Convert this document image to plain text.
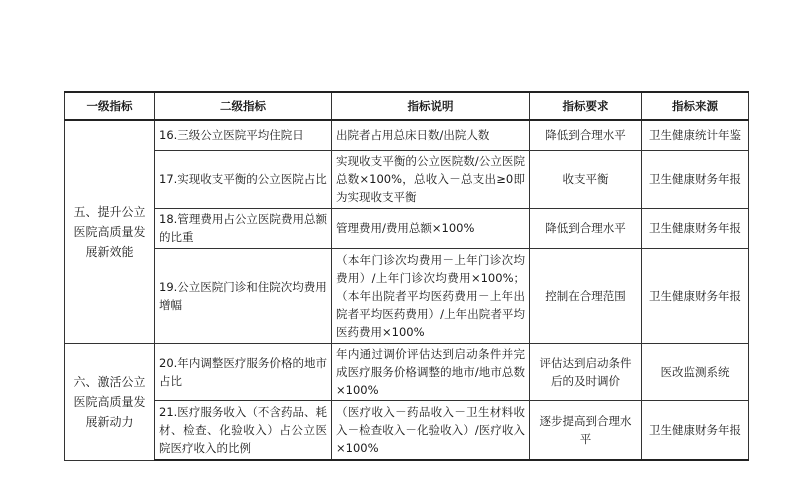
一级指标	二级指标	指标说明	指标要求	指标来源
五、提升公立医院高质量发展新效能	16.三级公立医院平均住院日	出院者占用总床日数/出院人数	降低到合理水平	卫生健康统计年鉴
	17.实现收支平衡的公立医院占比	实现收支平衡的公立医院数/公立医院总数×100%，总收入－总支出≥0即为实现收支平衡	收支平衡	卫生健康财务年报
	18.管理费用占公立医院费用总额的比重	管理费用/费用总额×100%	降低到合理水平	卫生健康财务年报
	19.公立医院门诊和住院次均费用增幅	（本年门诊次均费用－上年门诊次均费用）/上年门诊次均费用×100%；（本年出院者平均医药费用－上年出院者平均医药费用）/上年出院者平均医药费用×100%	控制在合理范围	卫生健康财务年报
六、激活公立医院高质量发展新动力	20.年内调整医疗服务价格的地市占比	年内通过调价评估达到启动条件并完成医疗服务价格调整的地市/地市总数×100%	评估达到启动条件后的及时调价	医改监测系统
	21.医疗服务收入（不含药品、耗材、检查、化验收入）占公立医院医疗收入的比例	（医疗收入－药品收入－卫生材料收入－检查收入－化验收入）/医疗收入×100%	逐步提高到合理水平	卫生健康财务年报
